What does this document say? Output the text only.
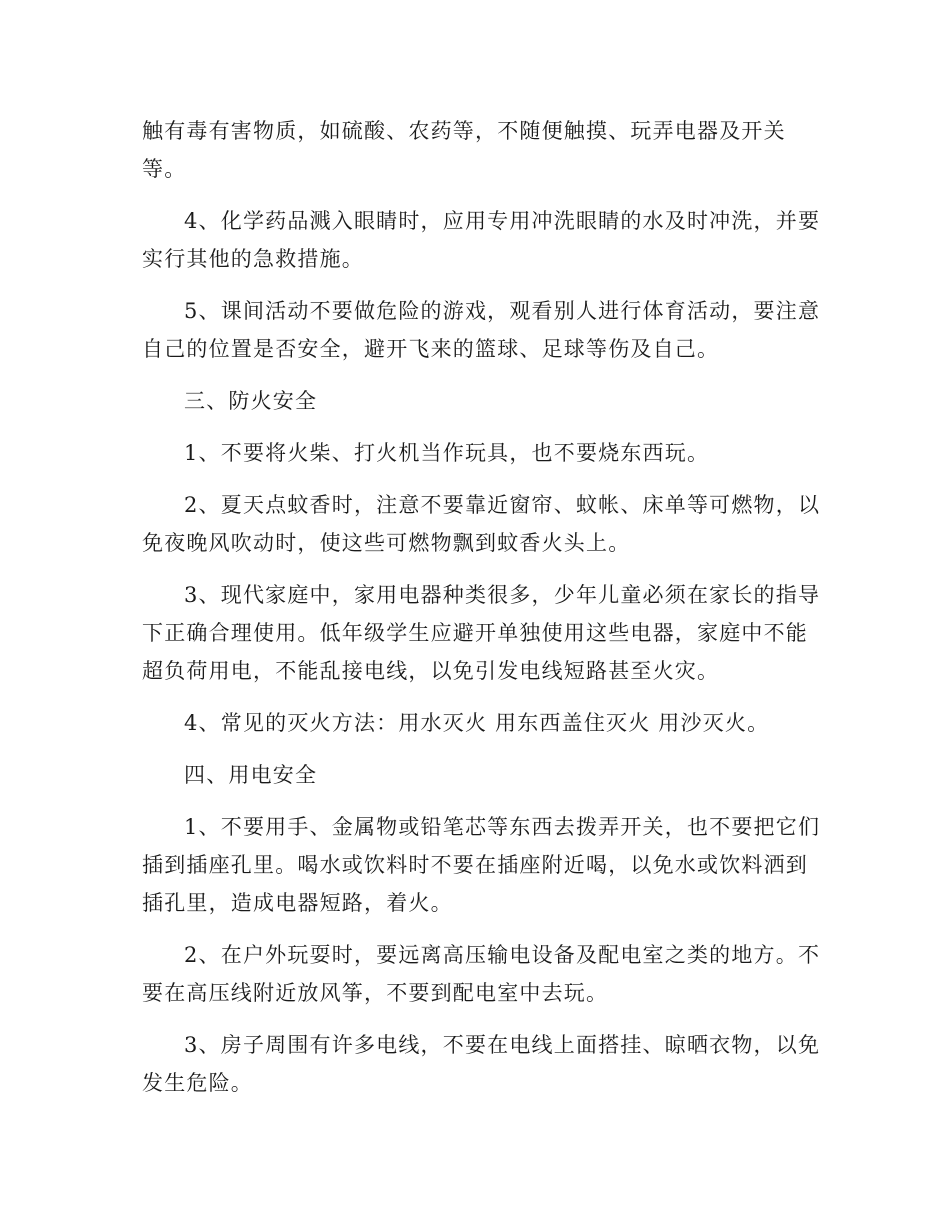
触有毒有害物质，如硫酸、农药等，不随便触摸、玩弄电器及开关
等。
4、化学药品溅入眼睛时，应用专用冲洗眼睛的水及时冲洗，并要
实行其他的急救措施。
5、课间活动不要做危险的游戏，观看别人进行体育活动，要注意
自己的位置是否安全，避开飞来的篮球、足球等伤及自己。
三、防火安全
1、不要将火柴、打火机当作玩具，也不要烧东西玩。
2、夏天点蚊香时，注意不要靠近窗帘、蚊帐、床单等可燃物，以
免夜晚风吹动时，使这些可燃物飘到蚊香火头上。
3、现代家庭中，家用电器种类很多，少年儿童必须在家长的指导
下正确合理使用。低年级学生应避开单独使用这些电器，家庭中不能
超负荷用电，不能乱接电线，以免引发电线短路甚至火灾。
4、常见的灭火方法：用水灭火 用东西盖住灭火 用沙灭火。
四、用电安全
1、不要用手、金属物或铅笔芯等东西去拨弄开关，也不要把它们
插到插座孔里。喝水或饮料时不要在插座附近喝，以免水或饮料洒到
插孔里，造成电器短路，着火。
2、在户外玩耍时，要远离高压输电设备及配电室之类的地方。不
要在高压线附近放风筝，不要到配电室中去玩。
3、房子周围有许多电线，不要在电线上面搭挂、晾晒衣物，以免
发生危险。
